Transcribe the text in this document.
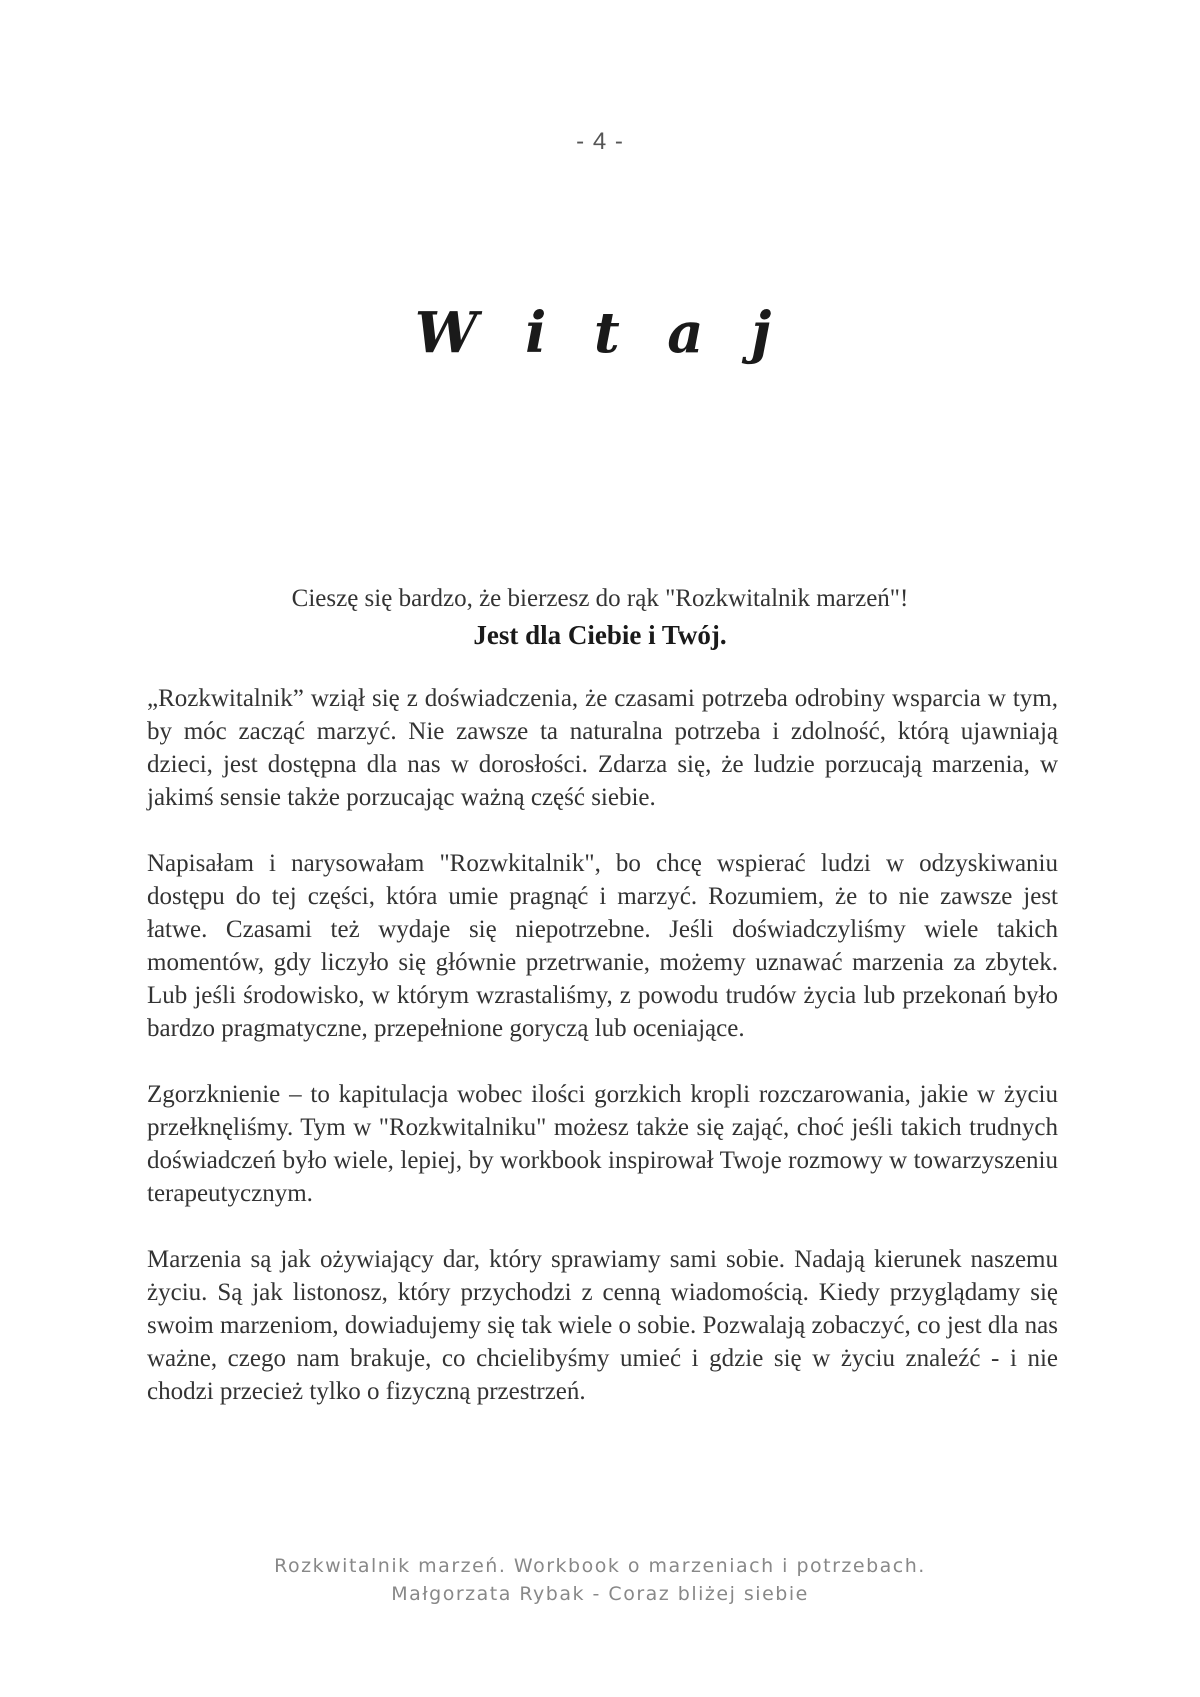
- 4 -
W i t a j
Cieszę się bardzo, że bierzesz do rąk "Rozkwitalnik marzeń"!
Jest dla Ciebie i Twój.

„Rozkwitalnik” wziął się z doświadczenia, że czasami potrzeba odrobiny wsparcia w tym, by móc zacząć marzyć. Nie zawsze ta naturalna potrzeba i zdolność, którą ujawniają dzieci, jest dostępna dla nas w dorosłości. Zdarza się, że ludzie porzucają marzenia, w jakimś sensie także porzucając ważną część siebie.

Napisałam i narysowałam "Rozwkitalnik", bo chcę wspierać ludzi w odzyskiwaniu dostępu do tej części, która umie pragnąć i marzyć. Rozumiem, że to nie zawsze jest łatwe. Czasami też wydaje się niepotrzebne. Jeśli doświadczyliśmy wiele takich momentów, gdy liczyło się głównie przetrwanie, możemy uznawać marzenia za zbytek. Lub jeśli środowisko, w którym wzrastaliśmy, z powodu trudów życia lub przekonań było bardzo pragmatyczne, przepełnione goryczą lub oceniające.

Zgorzknienie – to kapitulacja wobec ilości gorzkich kropli rozczarowania, jakie w życiu przełknęliśmy. Tym w "Rozkwitalniku" możesz także się zająć, choć jeśli takich trudnych doświadczeń było wiele, lepiej, by workbook inspirował Twoje rozmowy w towarzyszeniu terapeutycznym.

Marzenia są jak ożywiający dar, który sprawiamy sami sobie. Nadają kierunek naszemu życiu. Są jak listonosz, który przychodzi z cenną wiadomością. Kiedy przyglądamy się swoim marzeniom, dowiadujemy się tak wiele o sobie. Pozwalają zobaczyć, co jest dla nas ważne, czego nam brakuje, co chcielibyśmy umieć i gdzie się w życiu znaleźć - i nie chodzi przecież tylko o fizyczną przestrzeń.

Rozkwitalnik marzeń. Workbook o marzeniach i potrzebach.
Małgorzata Rybak - Coraz bliżej siebie
